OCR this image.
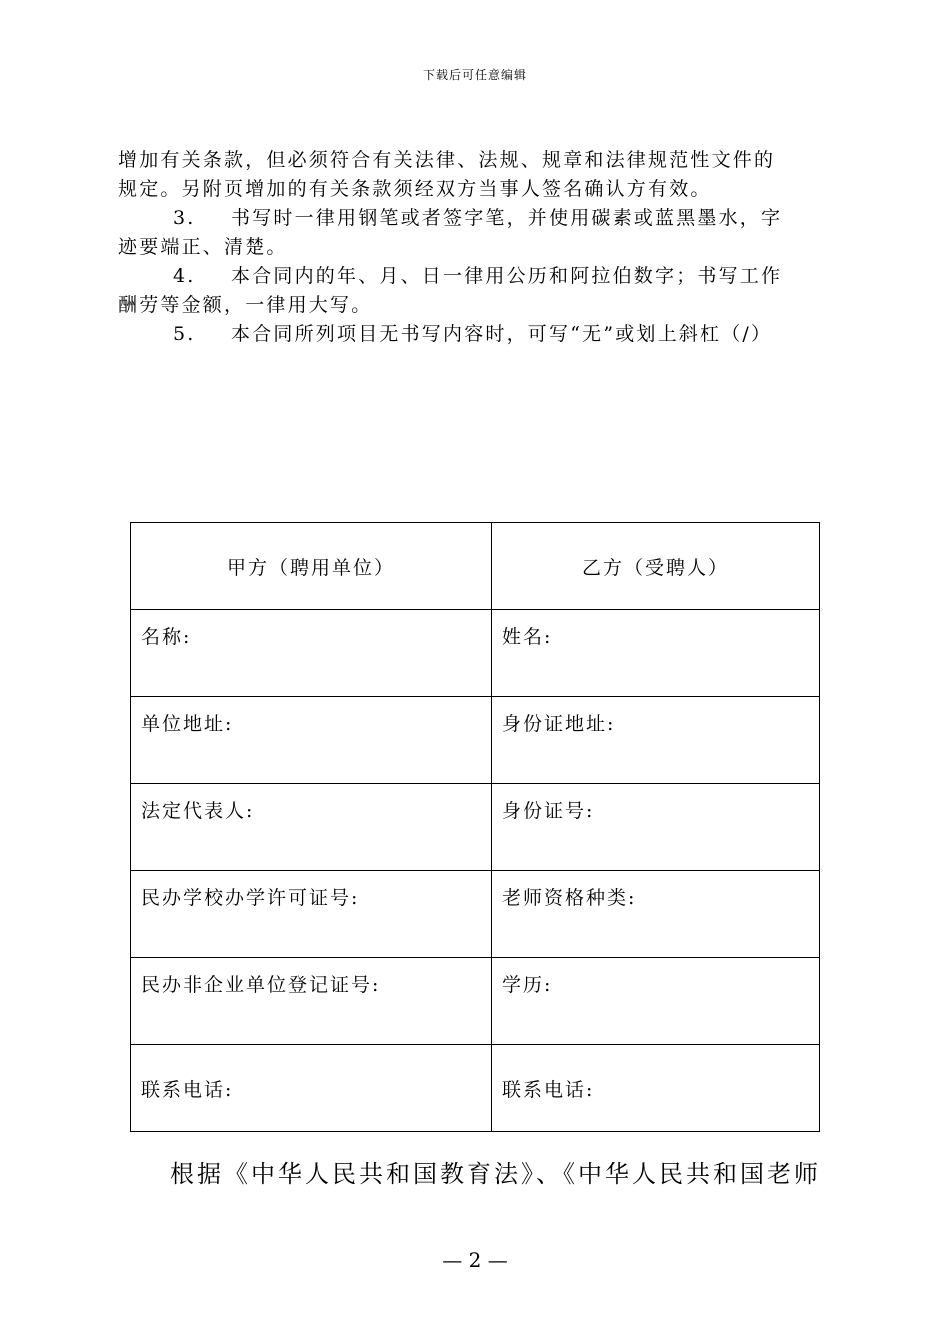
下载后可任意编辑
增加有关条款，但必须符合有关法律、法规、规章和法律规范性文件的
规定。另附页增加的有关条款须经双方当事人签名确认方有效。
3. 书写时一律用钢笔或者签字笔，并使用碳素或蓝黑墨水，字
迹要端正、清楚。
4. 本合同内的年、月、日一律用公历和阿拉伯数字；书写工作
酬劳等金额，一律用大写。
5. 本合同所列项目无书写内容时，可写“无”或划上斜杠（/）
甲方（聘用单位）	乙方（受聘人）

名称:	姓名:

单位地址:	身份证地址:

法定代表人:	身份证号:

民办学校办学许可证号:	老师资格种类:

民办非企业单位登记证号:	学历:

联系电话:	联系电话:
根据《中华人民共和国教育法》、《中华人民共和国老师
— 2 —
